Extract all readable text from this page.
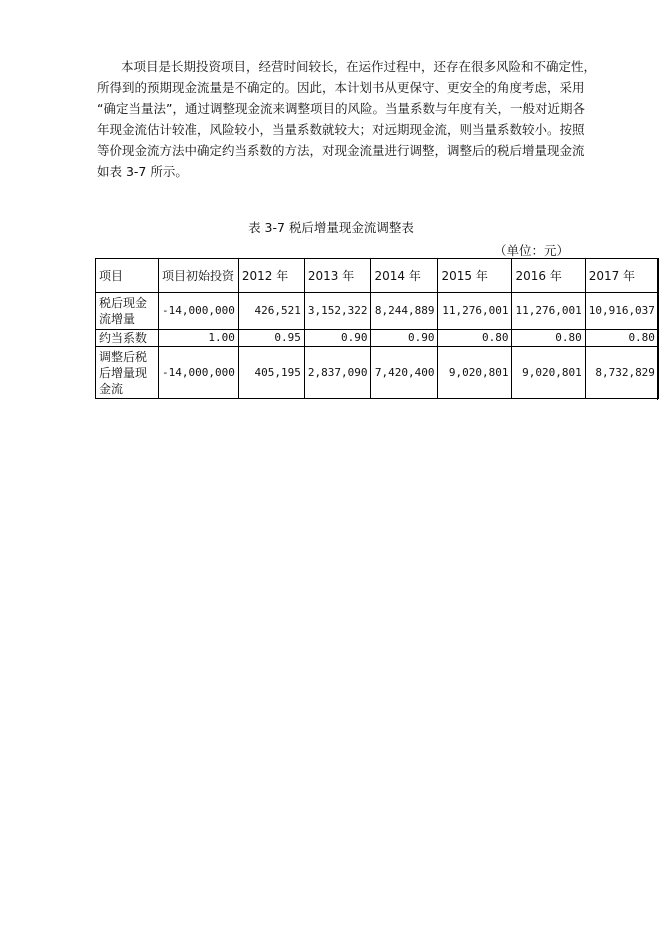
本项目是长期投资项目，经营时间较长，在运作过程中，还存在很多风险和不确定性，
所得到的预期现金流量是不确定的。因此，本计划书从更保守、更安全的角度考虑，采用
“确定当量法”，通过调整现金流来调整项目的风险。当量系数与年度有关，一般对近期各
年现金流估计较准，风险较小，当量系数就较大；对远期现金流，则当量系数较小。按照
等价现金流方法中确定约当系数的方法，对现金流量进行调整，调整后的税后增量现金流
如表 3-7 所示。
表 3-7 税后增量现金流调整表
（单位：元）
项目	项目初始投资	2012 年	2013 年	2014 年	2015 年	2016 年	2017 年
税后现金流增量	-14,000,000	426,521	3,152,322	8,244,889	11,276,001	11,276,001	10,916,037
约当系数	1.00	0.95	0.90	0.90	0.80	0.80	0.80
调整后税后增量现金流	-14,000,000	405,195	2,837,090	7,420,400	9,020,801	9,020,801	8,732,829
